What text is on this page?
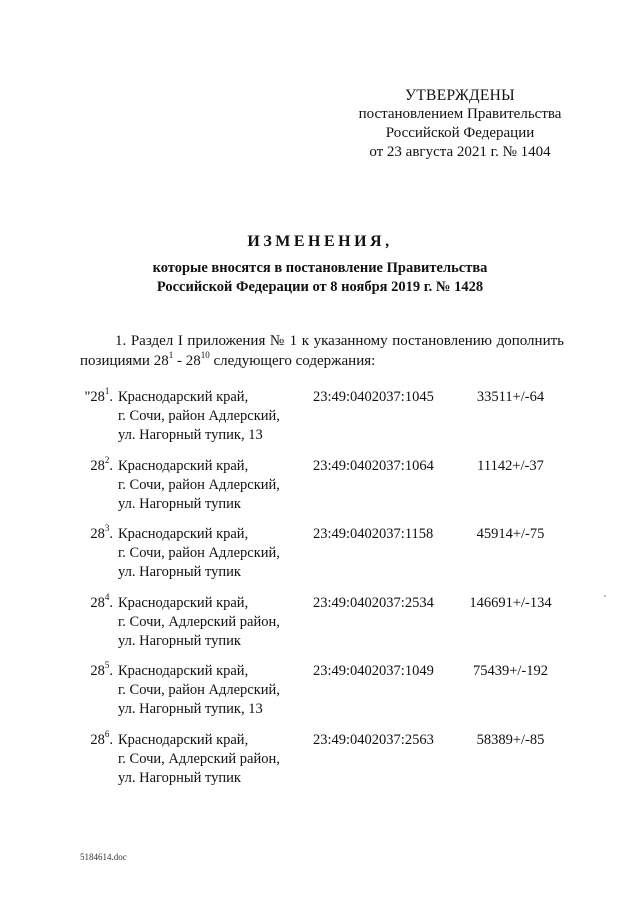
УТВЕРЖДЕНЫ
постановлением Правительства
Российской Федерации
от 23 августа 2021 г. № 1404
ИЗМЕНЕНИЯ,
которые вносятся в постановление Правительства
Российской Федерации от 8 ноября 2019 г. № 1428
1. Раздел I приложения № 1 к указанному постановлению дополнить
позициями $28^1 - 28^{10}$ следующего содержания:
"$28^1$. Краснодарский край,
г. Сочи, район Адлерский,
ул. Нагорный тупик, 13
23:49:0402037:1045	33511+/-64
$28^2$. Краснодарский край,
г. Сочи, район Адлерский,
ул. Нагорный тупик
23:49:0402037:1064	11142+/-37
$28^3$. Краснодарский край,
г. Сочи, район Адлерский,
ул. Нагорный тупик
23:49:0402037:1158	45914+/-75
$28^4$. Краснодарский край,
г. Сочи, Адлерский район,
ул. Нагорный тупик
23:49:0402037:2534	146691+/-134
$28^5$. Краснодарский край,
г. Сочи, район Адлерский,
ул. Нагорный тупик, 13
23:49:0402037:1049	75439+/-192
$28^6$. Краснодарский край,
г. Сочи, Адлерский район,
ул. Нагорный тупик
23:49:0402037:2563	58389+/-85
5184614.doc
